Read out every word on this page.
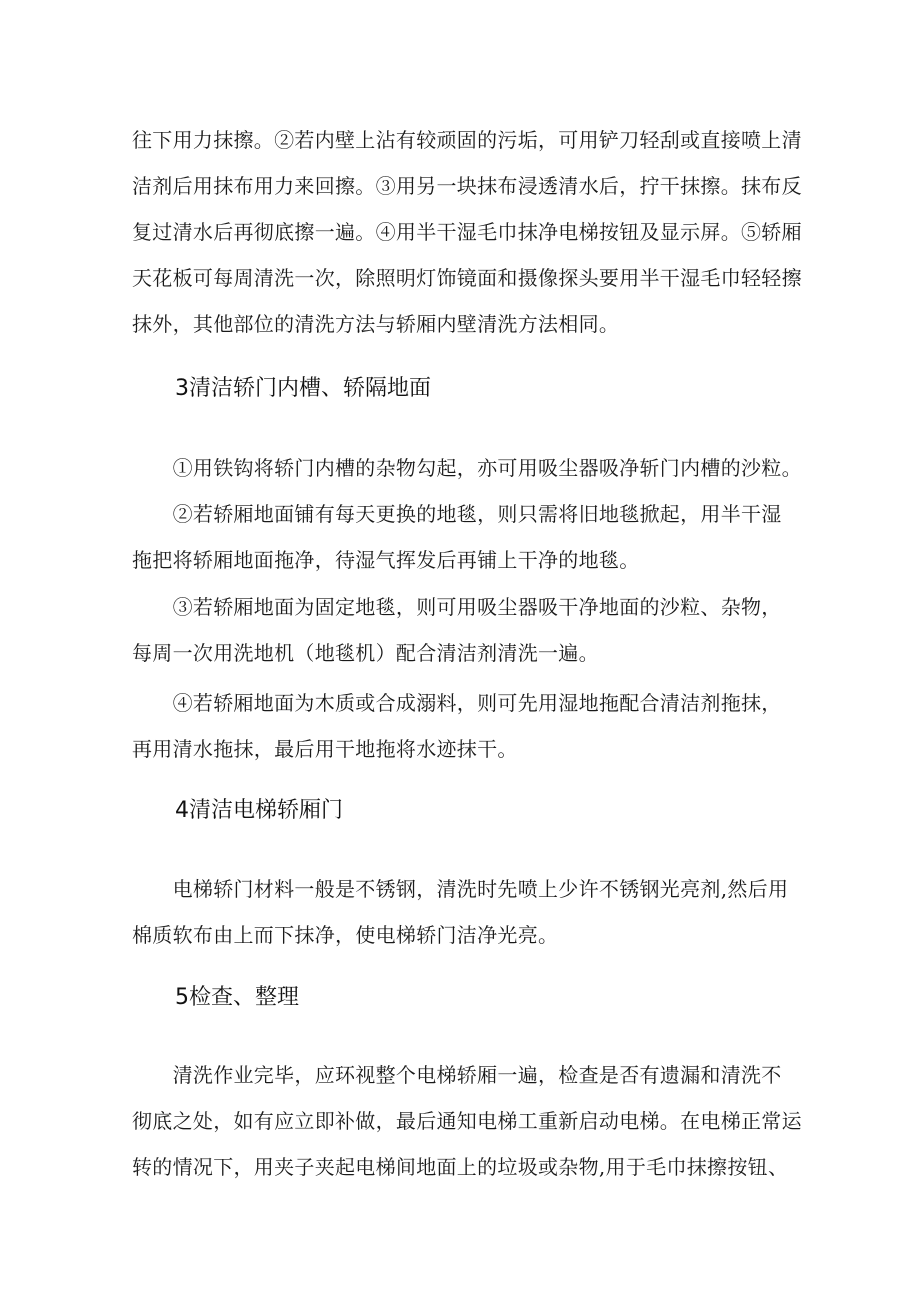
往下用力抹擦。②若内壁上沾有较顽固的污垢，可用铲刀轻刮或直接喷上清
洁剂后用抹布用力来回擦。③用另一块抹布浸透清水后，拧干抹擦。抹布反
复过清水后再彻底擦一遍。④用半干湿毛巾抹净电梯按钮及显示屏。⑤轿厢
天花板可每周清洗一次，除照明灯饰镜面和摄像探头要用半干湿毛巾轻轻擦
抹外，其他部位的清洗方法与轿厢内壁清洗方法相同。
3清洁轿门内槽、轿隔地面
　　①用铁钩将轿门内槽的杂物勾起，亦可用吸尘器吸净斩门内槽的沙粒。
　　②若轿厢地面铺有每天更换的地毯，则只需将旧地毯掀起，用半干湿
拖把将轿厢地面拖净，待湿气挥发后再铺上干净的地毯。
　　③若轿厢地面为固定地毯，则可用吸尘器吸干净地面的沙粒、杂物，
每周一次用洗地机（地毯机）配合清洁剂清洗一遍。
　　④若轿厢地面为木质或合成溺料，则可先用湿地拖配合清洁剂拖抹，
再用清水拖抹，最后用干地拖将水迹抹干。
4清洁电梯轿厢门
　　电梯轿门材料一般是不锈钢，清洗时先喷上少许不锈钢光亮剂,然后用
棉质软布由上而下抹净，使电梯轿门洁净光亮。
5检查、整理
　　清洗作业完毕，应环视整个电梯轿厢一遍，检查是否有遗漏和清洗不
彻底之处，如有应立即补做，最后通知电梯工重新启动电梯。在电梯正常运
转的情况下，用夹子夹起电梯间地面上的垃圾或杂物,用于毛巾抹擦按钮、
